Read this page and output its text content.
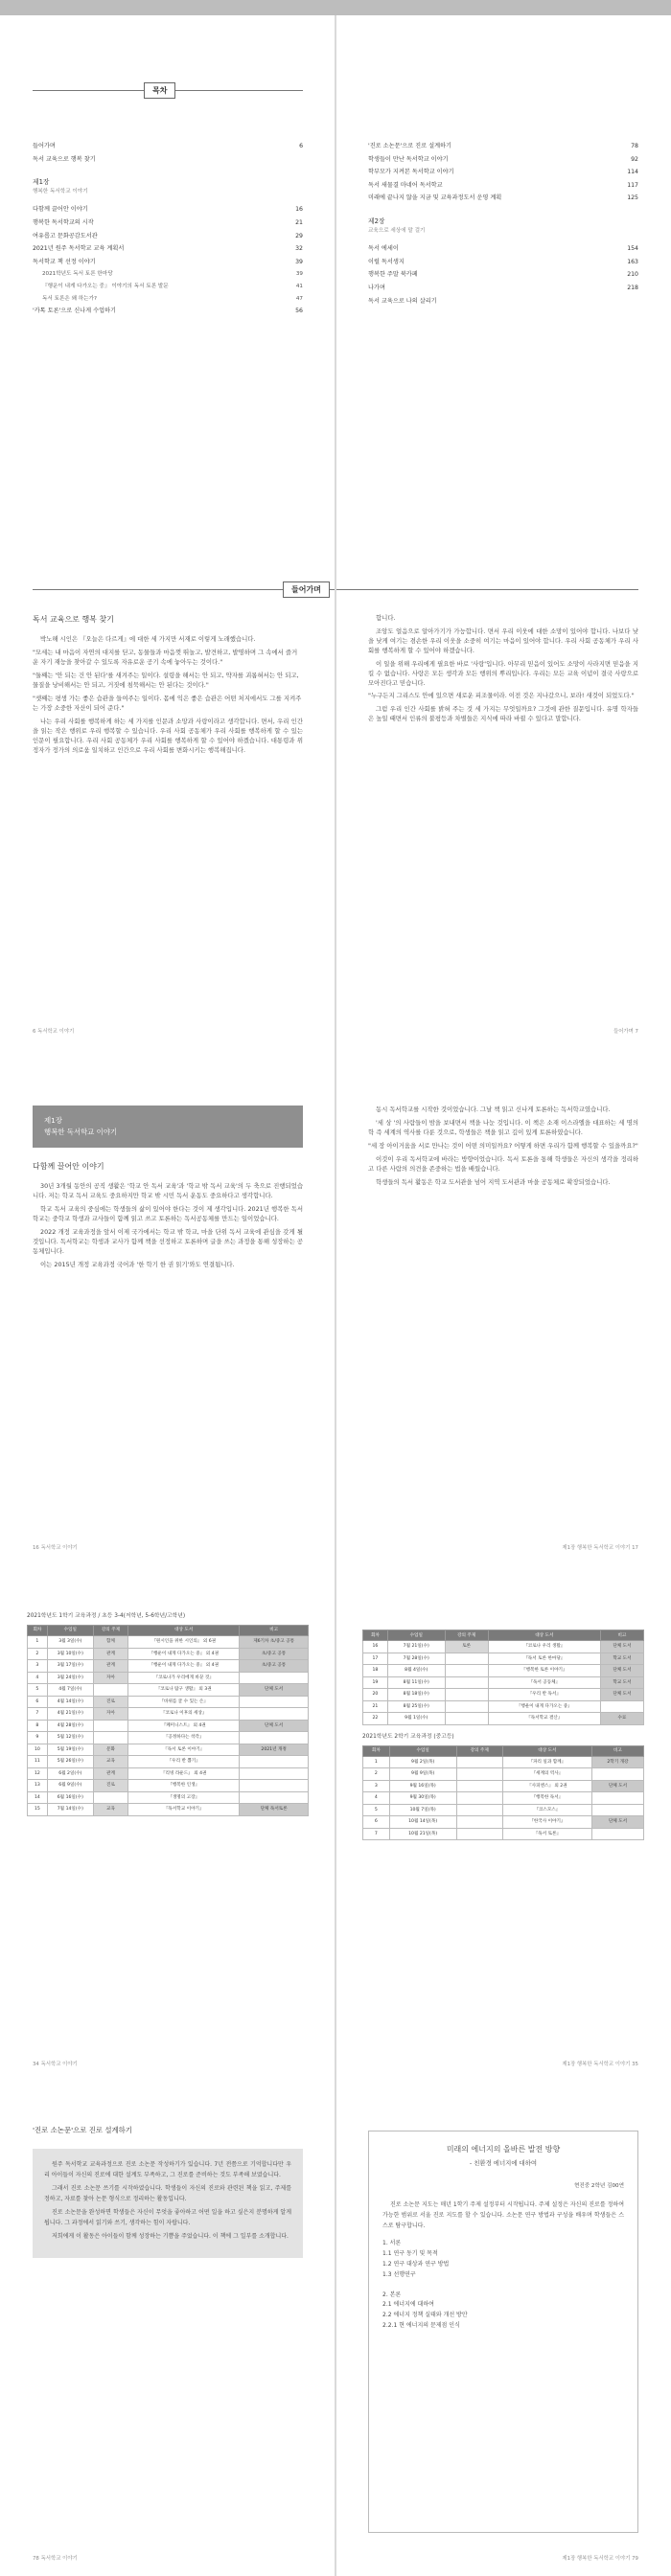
목차
들어가며	6
독서 교육으로 행복 찾기
제1장
행복한 독서학교 이야기
다함께 끌어안 이야기	16
행복한 독서학교의 시작	21
여유롭고 문화공감도서관	29
2021년 원주 독서학교 교육 계획서	32
독서학교 책 선정 이야기	39
2021학년도 독서 토론 한마당	39
『행운이 내게 다가오는 중』 이야기의 독서 토론 발문	41
독서 토론은 왜 하는가?	47
'카톡 토론'으로 신나게 수업하기	56
'진로 소논문'으로 진로 설계하기	78
학생들이 만난 독서학교 이야기	92
학부모가 지켜본 독서학교 이야기	114
독서 새물결 마네어 독서학교	117
미래에 끝나지 않을 지금 및 교육과정도서 운영 계획	125
제2장
교육으로 세상에 말 걸기
독서 에세이	154
이럴 독서생지	163
행복한 주말 북카페	210
나가며	218
독서 교육으로 나의 살리기
들어가며
독서 교육으로 행복 찾기

박노해 시인은 『오늘은 다르게』에 대한 세 가지만 서재로 이렇게 노래했습니다.

"모세는 내 마음이 자연의 대지를 딛고, 동물들과 마음껏 뛰놀고, 발견하고, 발명하며 그 속에서 즐거운 자기 재능을 찾아갈 수 있도록 자유로운 공기 속에 놓아두는 것이다."

"둘째는 '안 되는 건 안 된다'를 새겨주는 일이다. 설령을 해서는 안 되고, 약자를 괴롭혀서는 안 되고, 물질을 낭비해서는 안 되고, 거짓에 침묵해서는 안 된다는 것이다."

"셋째는 평생 가는 좋은 습관을 들여주는 일이다. 몸에 익은 좋은 습관은 어떤 처지에서도 그를 지켜주는 가장 소중한 자산이 되어 준다."

나는 우리 사회를 행복하게 하는 세 가지를 인문과 소망과 사랑이라고 생각합니다. 면서, 우리 인간을 읽는 작은 행위로 우리 행복할 수 있습니다. 우리 사회 공동체가 우리 사회를 행복하게 할 수 있는 인문이 필요합니다. 우리 사회 공동체가 우리 사회를 행복하게 할 수 있어야 하겠습니다. 대통령과 위정자가 정가의 의로움 일치하고 인간으로 우리 사회를 변화시키는 행복해집니다.

6 독서학교 이야기

합니다.

조앙도 얼음으로 알아가기가 가능합니다. 면서 우리 이웃에 대한 소망이 있어야 합니다. 나보다 낮을 낮게 여기는 겸손한 우리 이웃을 소중히 여기는 마음이 있어야 합니다. 우리 사회 공동체가 우리 사회를 행복하게 할 수 있어야 하겠습니다.

이 일을 위해 우리에게 필요한 바로 '사랑'입니다. 아무리 믿음이 있어도 소망이 사라지면 믿음을 지킬 수 없습니다. 사랑은 모든 생각과 모든 행위의 뿌리입니다. 우리는 모든 교육 이념이 결국 사랑으로 모아진다고 믿습니다.

"누구든지 그리스도 안에 있으면 새로운 피조물이라. 이전 것은 지나갔으니, 보라! 새것이 되었도다."

그럼 우리 인간 사회를 밝혀 주는 것 세 가지는 무엇일까요? 그것에 관한 질문입니다. 유명 학자들은 높일 때면서 인류의 불평등과 차별들은 지식에 따라 바뀔 수 있다고 말합니다.

들어가며 7
제1장
행복한 독서학교 이야기
다함께 끌어안 이야기

30년 3개월 동안의 공직 생활은 '학교 안 독서 교육'과 '학교 밖 독서 교육'의 두 축으로 진행되었습니다. 저는 학교 독서 교육도 중요하지만 학교 밖 시민 독서 운동도 중요하다고 생각합니다.

학교 독서 교육의 중심에는 학생들의 삶이 있어야 한다는 것이 제 생각입니다. 2021년 행복한 독서학교는 중학교 학생과 교사들이 함께 읽고 쓰고 토론하는 독서공동체를 만드는 일이었습니다.

2022 개정 교육과정을 앞서 이제 국가에서는 학교 밖 학교, 마을 단위 독서 교육에 관심을 갖게 될 것입니다. 독서학교는 학생과 교사가 함께 책을 선정하고 토론하며 글을 쓰는 과정을 통해 성장하는 공동체입니다.

이는 2015년 개정 교육과정 국어과 '한 학기 한 권 읽기'와도 연결됩니다.

16 독서학교 이야기

동시 독서학교를 시작한 것이었습니다. 그날 책 읽고 신나게 토론하는 독서학교였습니다.

'세 상 '의 사람들이 밤을 보내면서 책을 나눈 것입니다. 이 책은 소재 이스라엘을 대표하는 세 명의 학 즉 세계의 역사를 다룬 것으로, 학생들은 책을 읽고 깊이 있게 토론하였습니다.

"세 장 아이거움을 서로 만나는 것이 어떤 의미일까요? 어떻게 하면 우리가 함께 행복할 수 있을까요?"

이것이 우리 독서학교에 바라는 방향이었습니다. 독서 토론을 통해 학생들은 자신의 생각을 정리하고 다른 사람의 의견을 존중하는 법을 배웠습니다.

학생들의 독서 활동은 학교 도서관을 넘어 지역 도서관과 마을 공동체로 확장되었습니다.

제1장 행복한 독서학교 이야기 17
2021학년도 1학기 교육과정 / 초등 3-4(저학년, 5-6학년/고학년)
회차	수업일	강의 주제	대상 도서	비고
1	3월 3일(수)	함께	『원시인을 위한 시인의』 외 6권	제6기차 초/중고 공통
2	3월 10일(수)	관계	『행운이 내게 다가오는 중』 외 4권	초/중고 공통
3	3월 17일(수)	관계	『행운이 내게 다가오는 중』 외 4권	초/중고 공통
4	3월 24일(수)	자아	『코로나가 우리에게 바꾼 것』	
5	4월 7일(수)		『코로나 탐구 생활』 외 3권	단체 도서
6	4월 14일(수)	진로	『바위를 굴 수 있는 손』	
7	4월 21일(수)	자아	『코로나 이후의 세상』	
8	4월 28일(수)		『페미니스트』 외 4권	단체 도서
9	5월 12일(수)		『공정하다는 착각』	
10	5월 19일(수)	문화	『독서 토론 이야기』	2021년 개정
11	5월 26일(수)	교육	『우리 반 뽑기』	
12	6월 2일(수)	관계	『리빙 라운드』 외 4권	
13	6월 9일(수)	진로	『행복한 인생』	
14	6월 16일(수)		『생명의 고장』	
15	7월 14일(수)	교육	『독서학교 이야기』	단체 독서토론
34 독서학교 이야기
회차	수업일	강의 주제	대상 도서	비고
16	7월 21일(수)	토론	『코로나 우리 생활』	단체 도서
17	7월 28일(수)		『독서 토론 한마당』	학교 도서
18	8월 4일(수)		『행복한 토론 이야기』	단체 도서
19	8월 11일(수)		『독서 공동체』	학교 도서
20	8월 18일(수)		『우리 반 독서』	단체 도서
21	8월 25일(수)		『행운이 내게 다가오는 중』	
22	9월 1일(수)		『독서학교 결산』	수료
2021학년도 2학기 교육과정 (중고등)
회차	수업일	강의 주제	대상 도서	비고
1	9월 2일(목)		『파리 일과 함께』	2학기 개강
2	9월 9일(목)		『세계의 역사』	
3	9월 16일(목)		『사피엔스』 외 2권	단체 도서
4	9월 30일(목)		『행복한 독서』	
5	10월 7일(목)		『코스모스』	
6	10월 14일(목)		『한국사 이야기』	단체 도서
7	10월 21일(목)		『독서 토론』	
제1장 행복한 독서학교 이야기 35
'진로 소논문'으로 진로 설계하기

원주 독서학교 교육과정으로 진로 소논문 작성하기가 있습니다. 7년 전쯤으로 기억합니다만 우리 아이들이 자신의 진로에 대한 설계도 부족하고, 그 진로를 준비하는 것도 부족해 보였습니다.

그래서 진로 소논문 쓰기를 시작하였습니다. 학생들이 자신의 진로와 관련된 책을 읽고, 주제를 정하고, 자료를 찾아 논문 형식으로 정리하는 활동입니다.

진로 소논문을 완성하면 학생들은 자신이 무엇을 좋아하고 어떤 일을 하고 싶은지 분명하게 알게 됩니다. 그 과정에서 읽기와 쓰기, 생각하는 힘이 자랍니다.

저희에게 이 활동은 아이들이 함께 성장하는 기쁨을 주었습니다. 이 책에 그 일부를 소개합니다.

78 독서학교 이야기
미래의 에너지의 올바른 발전 방향
- 친환경 에너지에 대하여
현진중 2학년 김00연
진로 소논문 지도는 매년 1학기 주제 설정부터 시작됩니다. 주제 설정은 자신의 진로를 정하여 가능한 범위로 서울 진로 지도를 할 수 있습니다. 소논문 연구 방법과 구성을 배우며 학생들은 스스로 탐구합니다.
1. 서론
1.1 연구 동기 및 목적
1.2 연구 대상과 연구 방법
1.3 선행연구
2. 본론
2.1 에너지에 대하여
2.2 에너지 정책 실태와 개선 방안
2.2.1 현 에너지의 문제점 인식
제1장 행복한 독서학교 이야기 79
